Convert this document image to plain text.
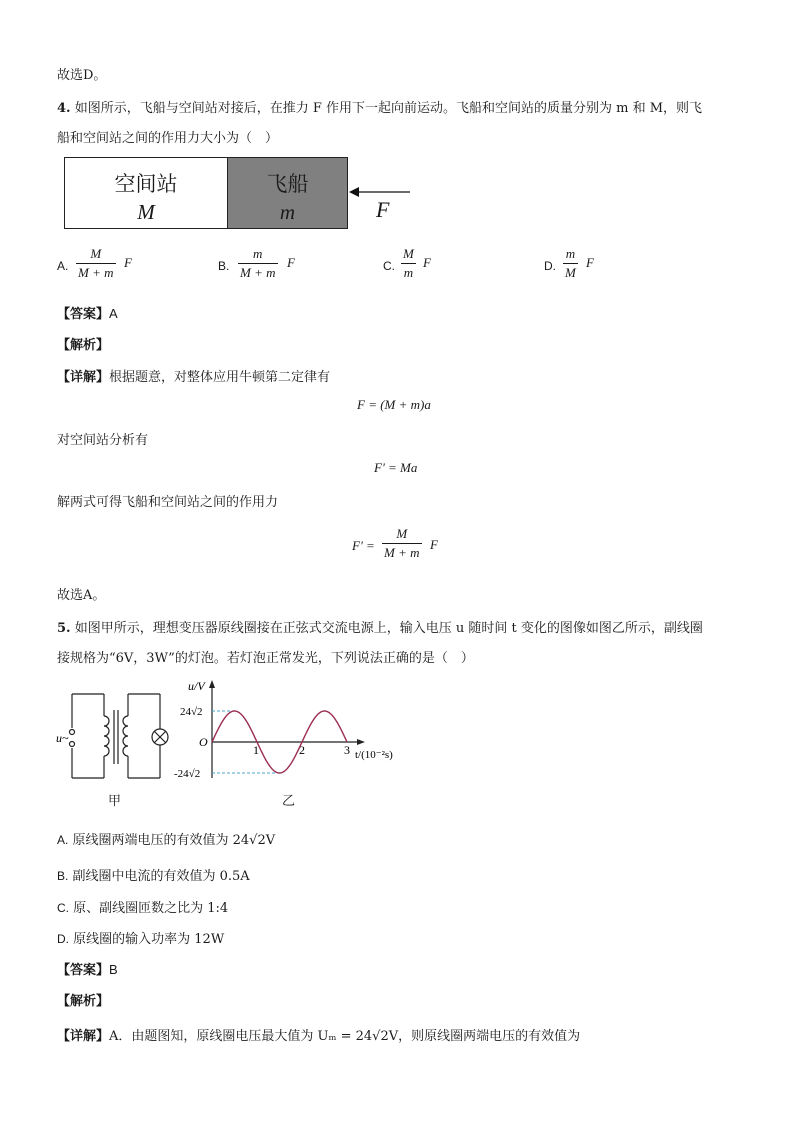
故选D。
4. 如图所示，飞船与空间站对接后，在推力 F 作用下一起向前运动。飞船和空间站的质量分别为 m 和 M，则飞
船和空间站之间的作用力大小为（　）
空间站
M
飞船
m	F
A.
M
M + m
F	B.
m
M + m
F	C.
M
m
F	D.
m
M
F
【答案】A
【解析】
【详解】根据题意，对整体应用牛顿第二定律有
F = (M + m)a
对空间站分析有
F' = Ma
解两式可得飞船和空间站之间的作用力
F' =
M
M + m
F
故选A。
5. 如图甲所示，理想变压器原线圈接在正弦式交流电源上，输入电压 u 随时间 t 变化的图像如图乙所示，副线圈
接规格为“6V，3W”的灯泡。若灯泡正常发光，下列说法正确的是（　）
u~
甲
u/V
t/(10⁻²s)
O
24√2
-24√2
1	2	3
乙
A. 原线圈两端电压的有效值为 24√2V
B. 副线圈中电流的有效值为 0.5A
C. 原、副线圈匝数之比为 1:4
D. 原线圈的输入功率为 12W
【答案】B
【解析】
【详解】A．由题图知，原线圈电压最大值为 Uₘ = 24√2V，则原线圈两端电压的有效值为
